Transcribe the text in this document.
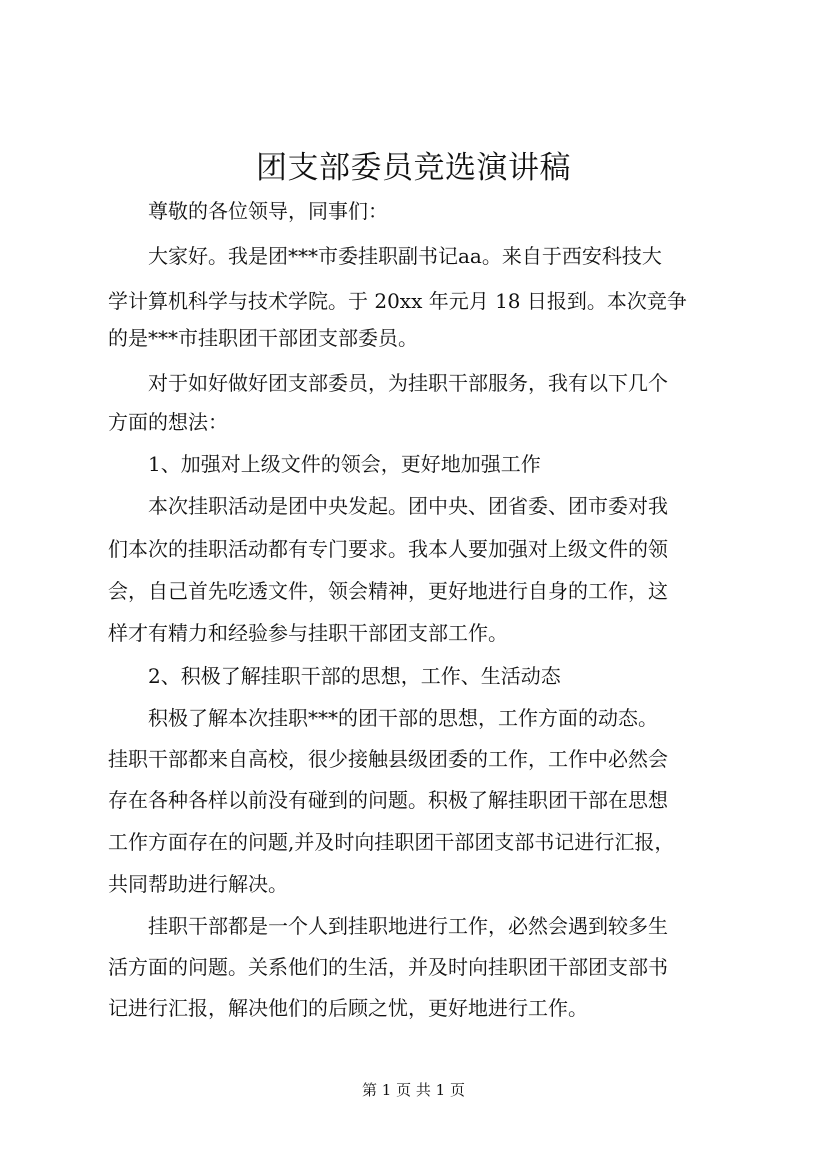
团支部委员竞选演讲稿
尊敬的各位领导，同事们：
大家好。我是团***市委挂职副书记aa。来自于西安科技大
学计算机科学与技术学院。于 20xx 年元月 18 日报到。本次竞争
的是***市挂职团干部团支部委员。
对于如好做好团支部委员，为挂职干部服务，我有以下几个
方面的想法：
1、加强对上级文件的领会，更好地加强工作
本次挂职活动是团中央发起。团中央、团省委、团市委对我
们本次的挂职活动都有专门要求。我本人要加强对上级文件的领
会，自己首先吃透文件，领会精神，更好地进行自身的工作，这
样才有精力和经验参与挂职干部团支部工作。
2、积极了解挂职干部的思想，工作、生活动态
积极了解本次挂职***的团干部的思想，工作方面的动态。
挂职干部都来自高校，很少接触县级团委的工作，工作中必然会
存在各种各样以前没有碰到的问题。积极了解挂职团干部在思想
工作方面存在的问题,并及时向挂职团干部团支部书记进行汇报，
共同帮助进行解决。
挂职干部都是一个人到挂职地进行工作，必然会遇到较多生
活方面的问题。关系他们的生活，并及时向挂职团干部团支部书
记进行汇报，解决他们的后顾之忧，更好地进行工作。
第 1 页 共 1 页
